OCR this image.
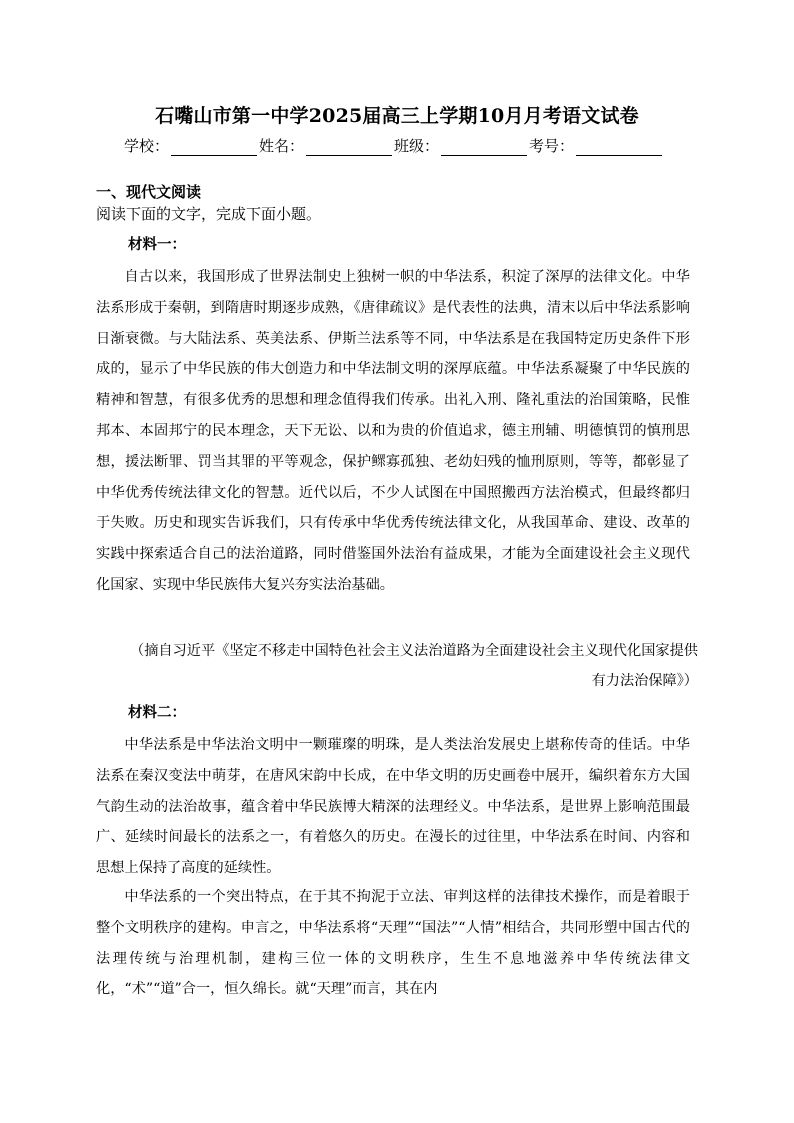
石嘴山市第一中学2025届高三上学期10月月考语文试卷
学校：	姓名：	班级：	考号：
一、现代文阅读
阅读下面的文字，完成下面小题。
材料一：

自古以来，我国形成了世界法制史上独树一帜的中华法系，积淀了深厚的法律文化。中华法系形成于秦朝，到隋唐时期逐步成熟，《唐律疏议》是代表性的法典，清末以后中华法系影响日渐衰微。与大陆法系、英美法系、伊斯兰法系等不同，中华法系是在我国特定历史条件下形成的，显示了中华民族的伟大创造力和中华法制文明的深厚底蕴。中华法系凝聚了中华民族的精神和智慧，有很多优秀的思想和理念值得我们传承。出礼入刑、隆礼重法的治国策略，民惟邦本、本固邦宁的民本理念，天下无讼、以和为贵的价值追求，德主刑辅、明德慎罚的慎刑思想，援法断罪、罚当其罪的平等观念，保护鳏寡孤独、老幼妇残的恤刑原则，等等，都彰显了中华优秀传统法律文化的智慧。近代以后，不少人试图在中国照搬西方法治模式，但最终都归于失败。历史和现实告诉我们，只有传承中华优秀传统法律文化，从我国革命、建设、改革的实践中探索适合自己的法治道路，同时借鉴国外法治有益成果，才能为全面建设社会主义现代化国家、实现中华民族伟大复兴夯实法治基础。

（摘自习近平《坚定不移走中国特色社会主义法治道路为全面建设社会主义现代化国家提供有力法治保障》）

材料二：

中华法系是中华法治文明中一颗璀璨的明珠，是人类法治发展史上堪称传奇的佳话。中华法系在秦汉变法中萌芽，在唐风宋韵中长成，在中华文明的历史画卷中展开，编织着东方大国气韵生动的法治故事，蕴含着中华民族博大精深的法理经义。中华法系，是世界上影响范围最广、延续时间最长的法系之一，有着悠久的历史。在漫长的过往里，中华法系在时间、内容和思想上保持了高度的延续性。

中华法系的一个突出特点，在于其不拘泥于立法、审判这样的法律技术操作，而是着眼于整个文明秩序的建构。申言之，中华法系将“天理”“国法”“人情”相结合，共同形塑中国古代的法理传统与治理机制，建构三位一体的文明秩序，生生不息地滋养中华传统法律文化，“术”“道”合一，恒久绵长。就“天理”而言，其在内
